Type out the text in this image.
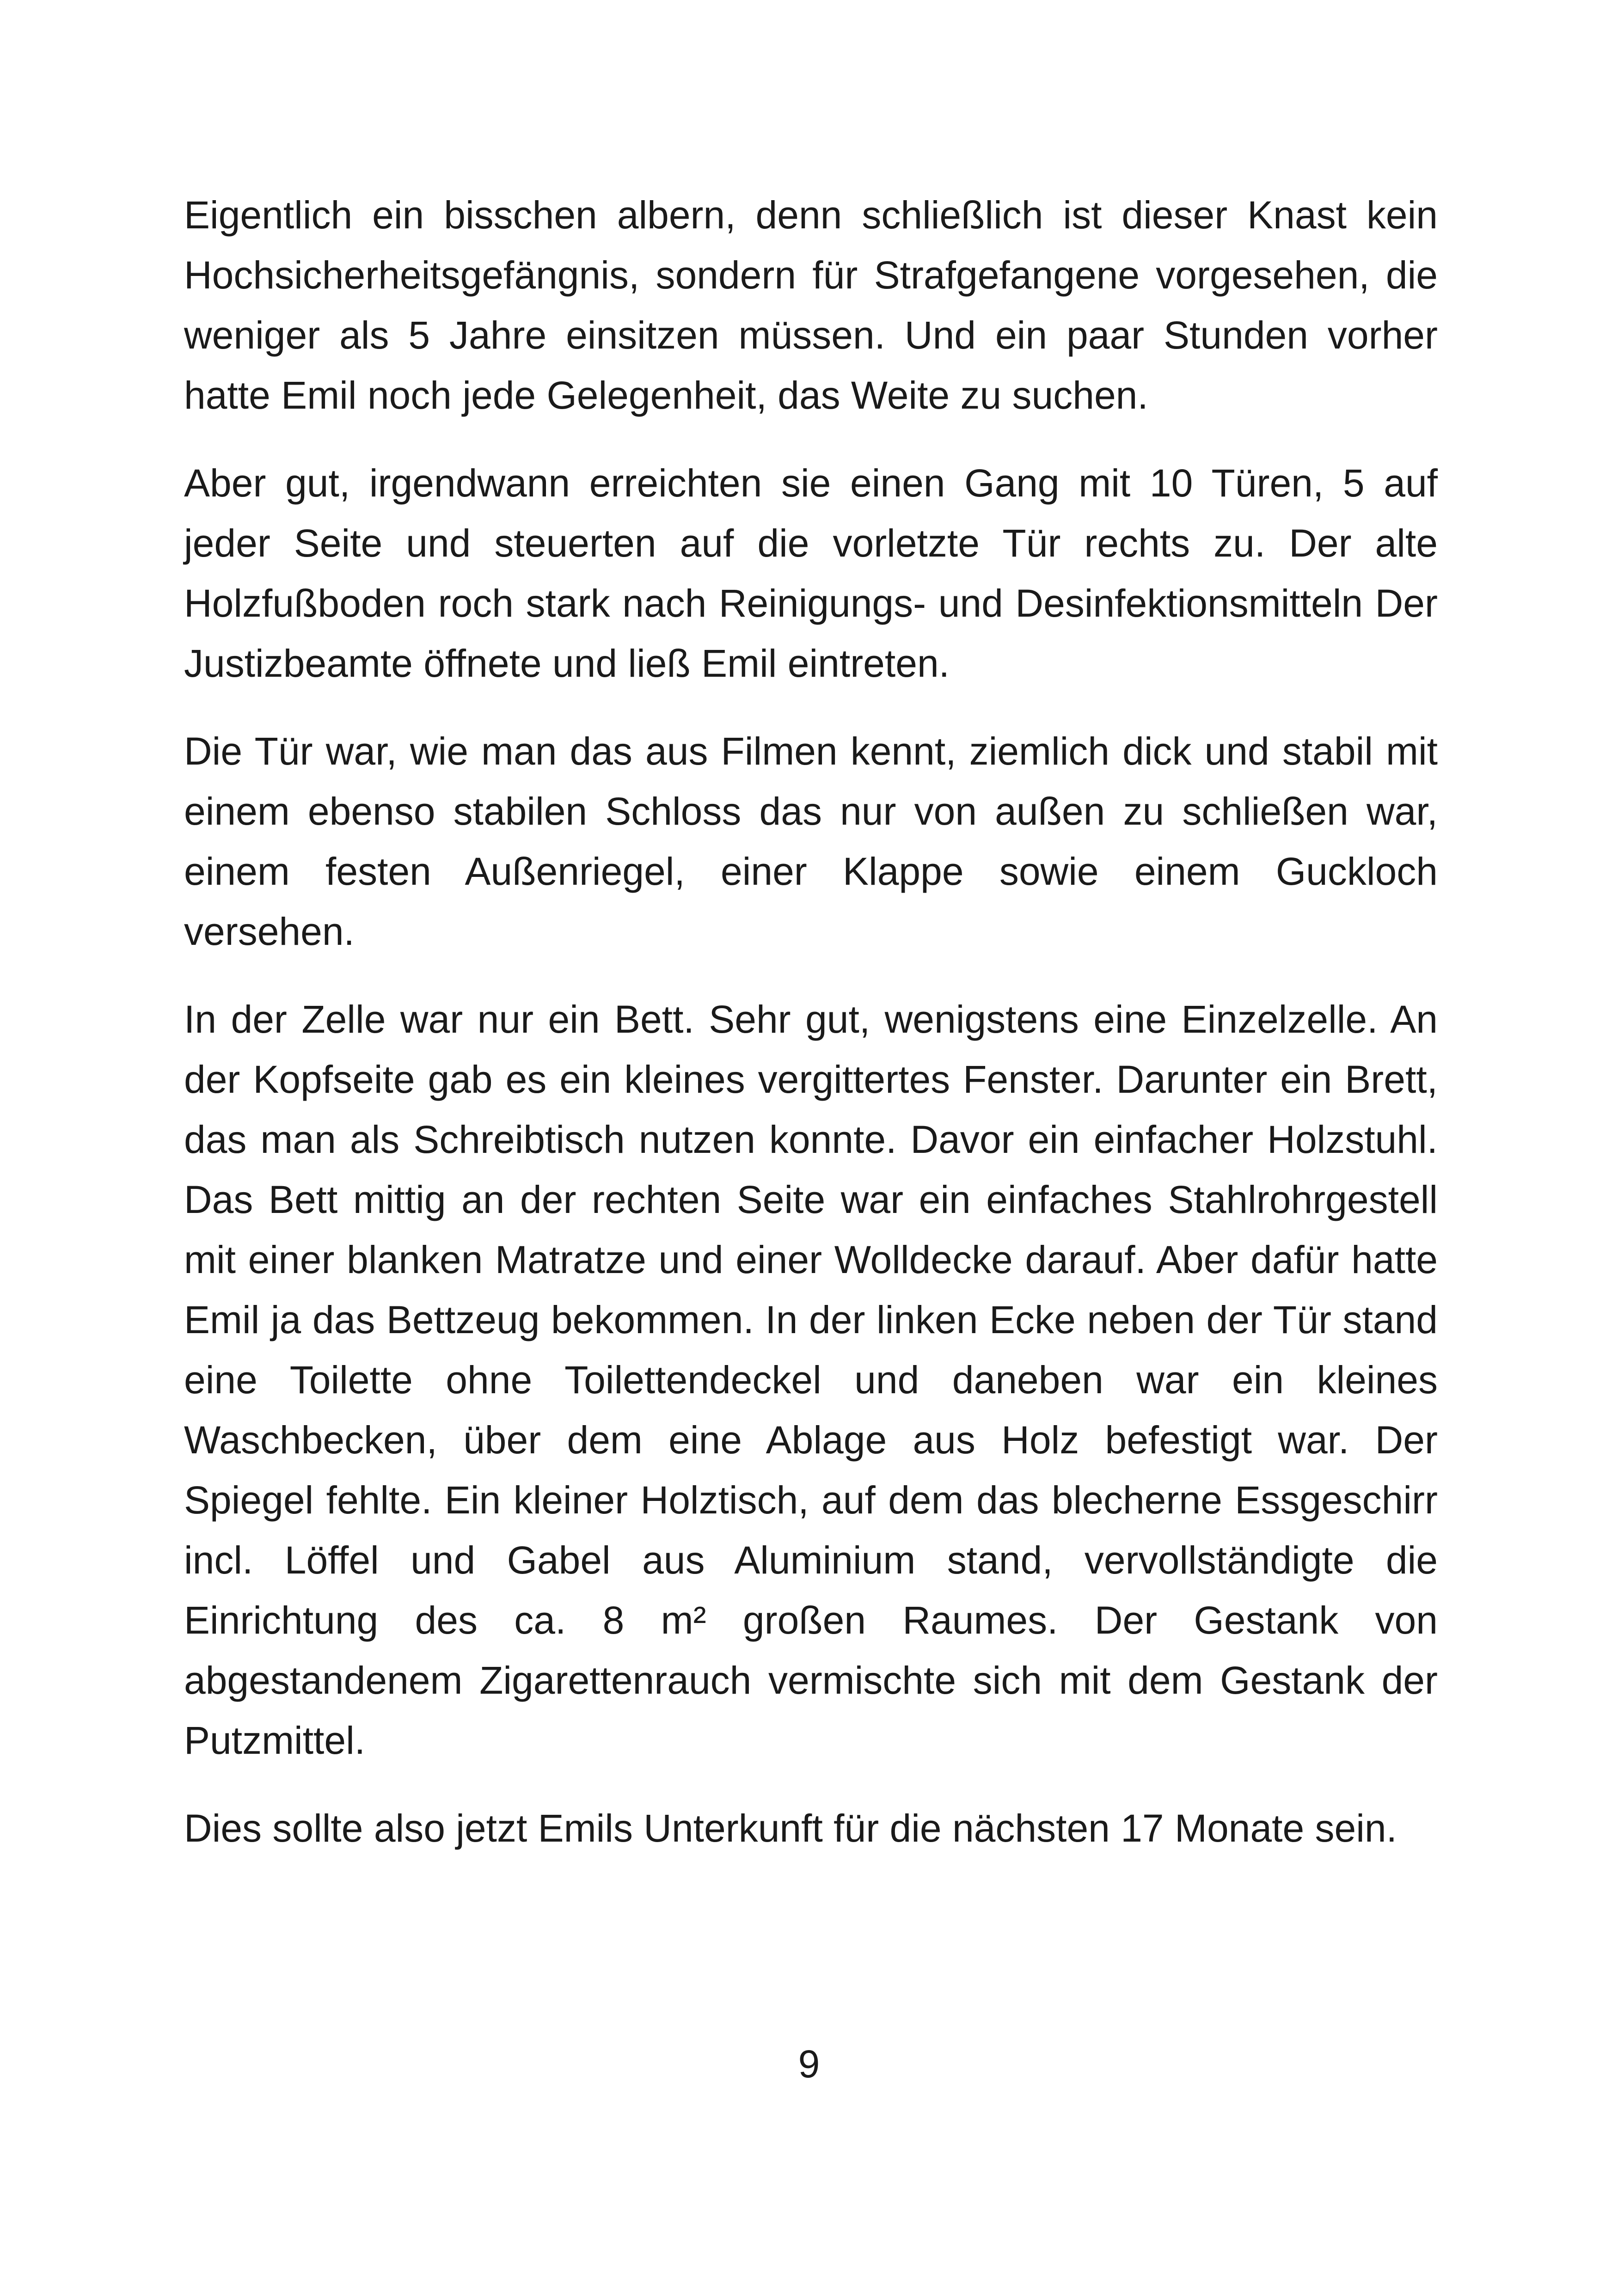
Eigentlich ein bisschen albern, denn schließlich ist dieser Knast kein Hochsicherheitsgefängnis, sondern für Strafgefangene vorgesehen, die weniger als 5 Jahre einsitzen müssen. Und ein paar Stunden vorher hatte Emil noch jede Gelegenheit, das Weite zu suchen.

Aber gut, irgendwann erreichten sie einen Gang mit 10 Türen, 5 auf jeder Seite und steuerten auf die vorletzte Tür rechts zu. Der alte Holzfußboden roch stark nach Reinigungs- und Desinfektionsmitteln Der Justizbeamte öffnete und ließ Emil eintreten.

Die Tür war, wie man das aus Filmen kennt, ziemlich dick und stabil mit einem ebenso stabilen Schloss das nur von außen zu schließen war, einem festen Außenriegel, einer Klappe sowie einem Guckloch versehen.

In der Zelle war nur ein Bett. Sehr gut, wenigstens eine Einzelzelle. An der Kopfseite gab es ein kleines vergittertes Fenster. Darunter ein Brett, das man als Schreibtisch nutzen konnte. Davor ein einfacher Holzstuhl. Das Bett mittig an der rechten Seite war ein einfaches Stahlrohrgestell mit einer blanken Matratze und einer Wolldecke darauf. Aber dafür hatte Emil ja das Bettzeug bekommen. In der linken Ecke neben der Tür stand eine Toilette ohne Toilettendeckel und daneben war ein kleines Waschbecken, über dem eine Ablage aus Holz befestigt war. Der Spiegel fehlte. Ein kleiner Holztisch, auf dem das blecherne Essgeschirr incl. Löffel und Gabel aus Aluminium stand, vervollständigte die Einrichtung des ca. 8 m² großen Raumes. Der Gestank von abgestandenem Zigarettenrauch vermischte sich mit dem Gestank der Putzmittel.

Dies sollte also jetzt Emils Unterkunft für die nächsten 17 Monate sein.

9
